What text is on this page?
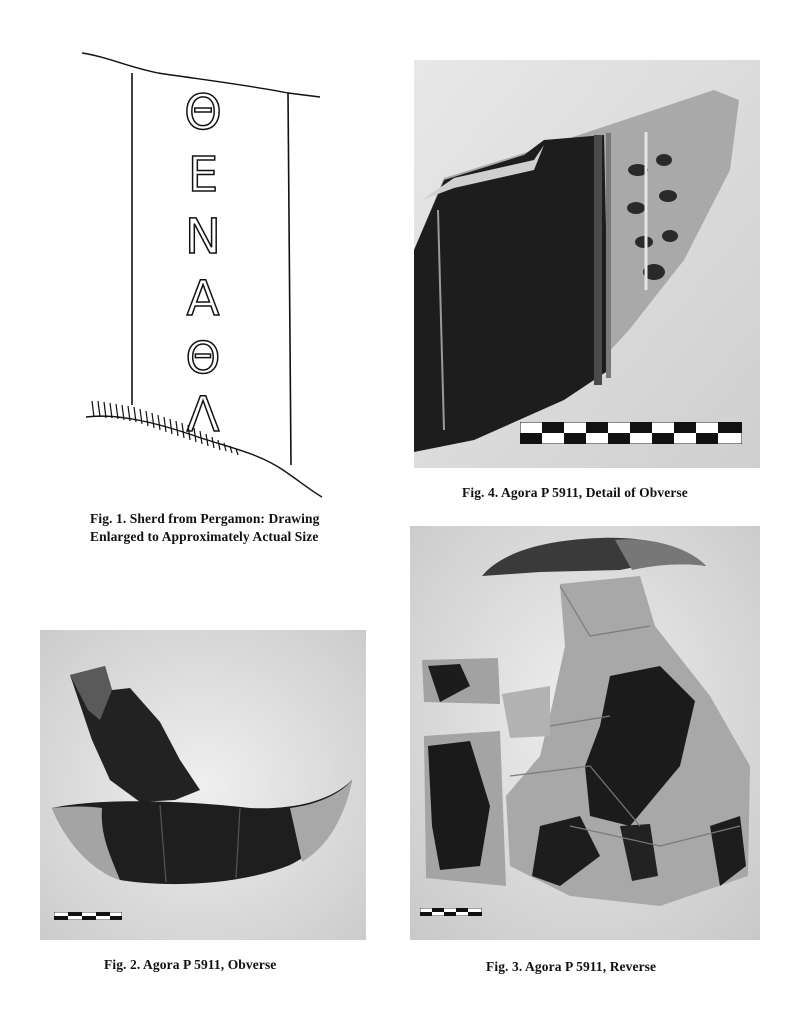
Θ
Ε
Ν
Α
Θ
Λ
Fig. 1. Sherd from Pergamon: Drawing
Enlarged to Approximately Actual Size
Fig. 4. Agora P 5911, Detail of Obverse
Fig. 2. Agora P 5911, Obverse	Fig. 3. Agora P 5911, Reverse
